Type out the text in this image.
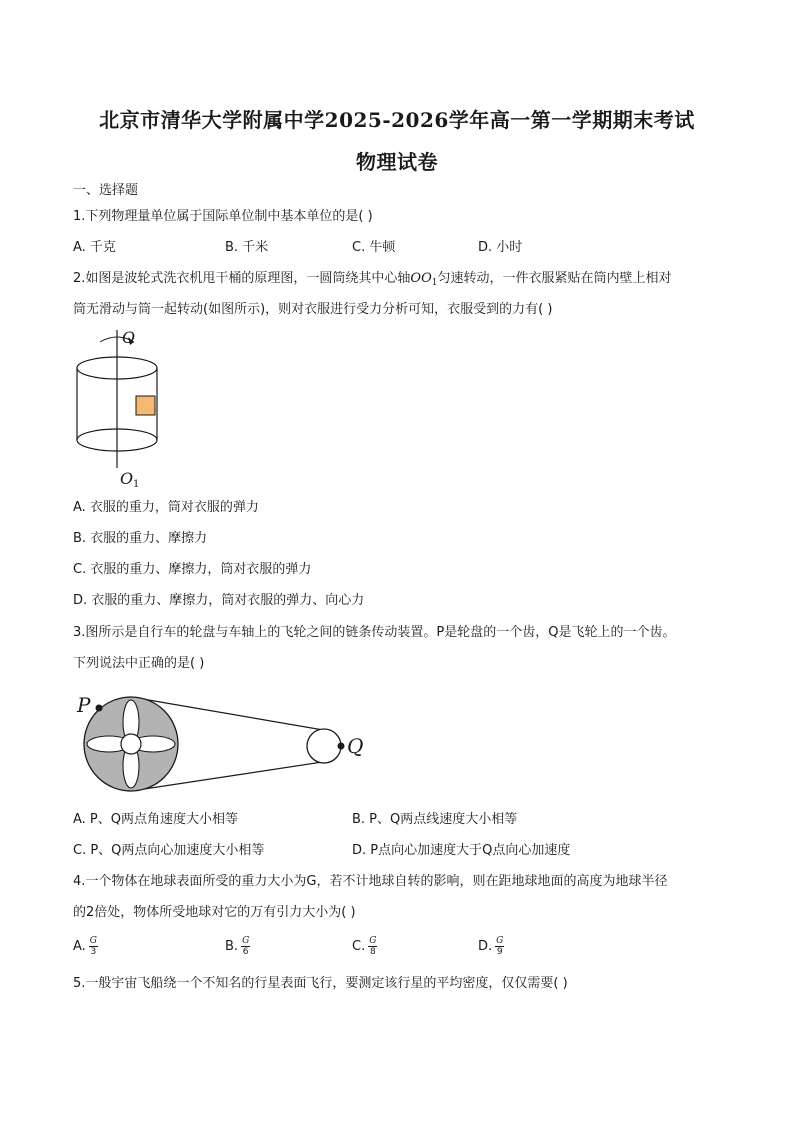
北京市清华大学附属中学2025-2026学年高一第一学期期末考试
物理试卷
一、选择题
1.下列物理量单位属于国际单位制中基本单位的是( )
A. 千克	B. 千米	C. 牛顿	D. 小时
2.如图是波轮式洗衣机甩干桶的原理图，一圆筒绕其中心轴$OO_1$匀速转动，一件衣服紧贴在筒内壁上相对
筒无滑动与筒一起转动(如图所示)，则对衣服进行受力分析可知，衣服受到的力有( )
O
O 1
A. 衣服的重力，筒对衣服的弹力
B. 衣服的重力、摩擦力
C. 衣服的重力、摩擦力，筒对衣服的弹力
D. 衣服的重力、摩擦力，筒对衣服的弹力、向心力
3.图所示是自行车的轮盘与车轴上的飞轮之间的链条传动装置。P是轮盘的一个齿，Q是飞轮上的一个齿。
下列说法中正确的是( )
P
Q
A. P、Q两点角速度大小相等	B. P、Q两点线速度大小相等
C. P、Q两点向心加速度大小相等	D. P点向心加速度大于Q点向心加速度
4.一个物体在地球表面所受的重力大小为G，若不计地球自转的影响，则在距地球地面的高度为地球半径
的2倍处，物体所受地球对它的万有引力大小为( )
A. $\frac{G}{3}$	B. $\frac{G}{6}$	C. $\frac{G}{8}$	D. $\frac{G}{9}$
5.一般宇宙飞船绕一个不知名的行星表面飞行，要测定该行星的平均密度，仅仅需要( )
